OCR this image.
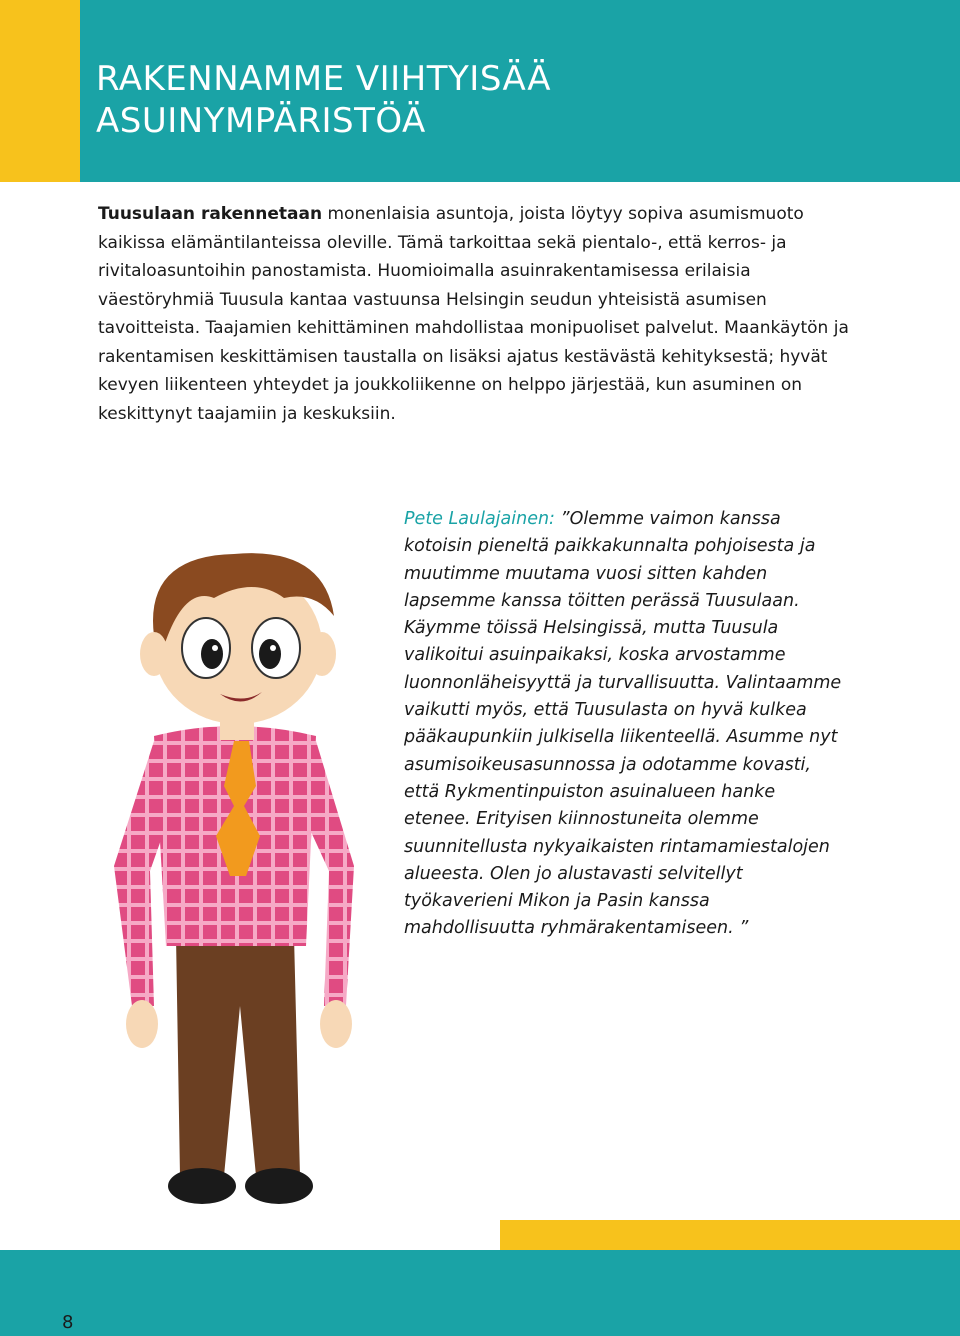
RAKENNAMME VIIHTYISÄÄ
ASUINYMPÄRISTÖÄ

Tuusulaan rakennetaan monenlaisia asuntoja, joista löytyy sopiva asumismuoto kaikissa elämäntilanteissa oleville. Tämä tarkoittaa sekä pientalo-, että kerros- ja rivitaloasuntoihin panostamista. Huomioimalla asuinrakentamisessa erilaisia väestöryhmiä Tuusula kantaa vastuunsa Helsingin seudun yhteisistä asumisen tavoitteista. Taajamien kehittäminen mahdollistaa monipuoliset palvelut. Maankäytön ja rakentamisen keskittämisen taustalla on lisäksi ajatus kestävästä kehityksestä; hyvät kevyen liikenteen yhteydet ja joukkoliikenne on helppo järjestää, kun asuminen on keskittynyt taajamiin ja keskuksiin.

Pete Laulajainen: ”Olemme vaimon kanssa kotoisin pieneltä paikkakunnalta pohjoisesta ja muutimme muutama vuosi sitten kahden lapsemme kanssa töitten perässä Tuusulaan. Käymme töissä Helsingissä, mutta Tuusula valikoitui asuinpaikaksi, koska arvostamme luonnonläheisyyttä ja turvallisuutta. Valintaamme vaikutti myös, että Tuusulasta on hyvä kulkea pääkaupunkiin julkisella liikenteellä. Asumme nyt asumisoikeusasunnossa ja odotamme kovasti, että Rykmentinpuiston asuinalueen hanke etenee. Erityisen kiinnostuneita olemme suunnitellusta nykyaikaisten rintamamiestalojen alueesta. Olen jo alustavasti selvitellyt työkaverieni Mikon ja Pasin kanssa mahdollisuutta ryhmärakentamiseen. ”

8
